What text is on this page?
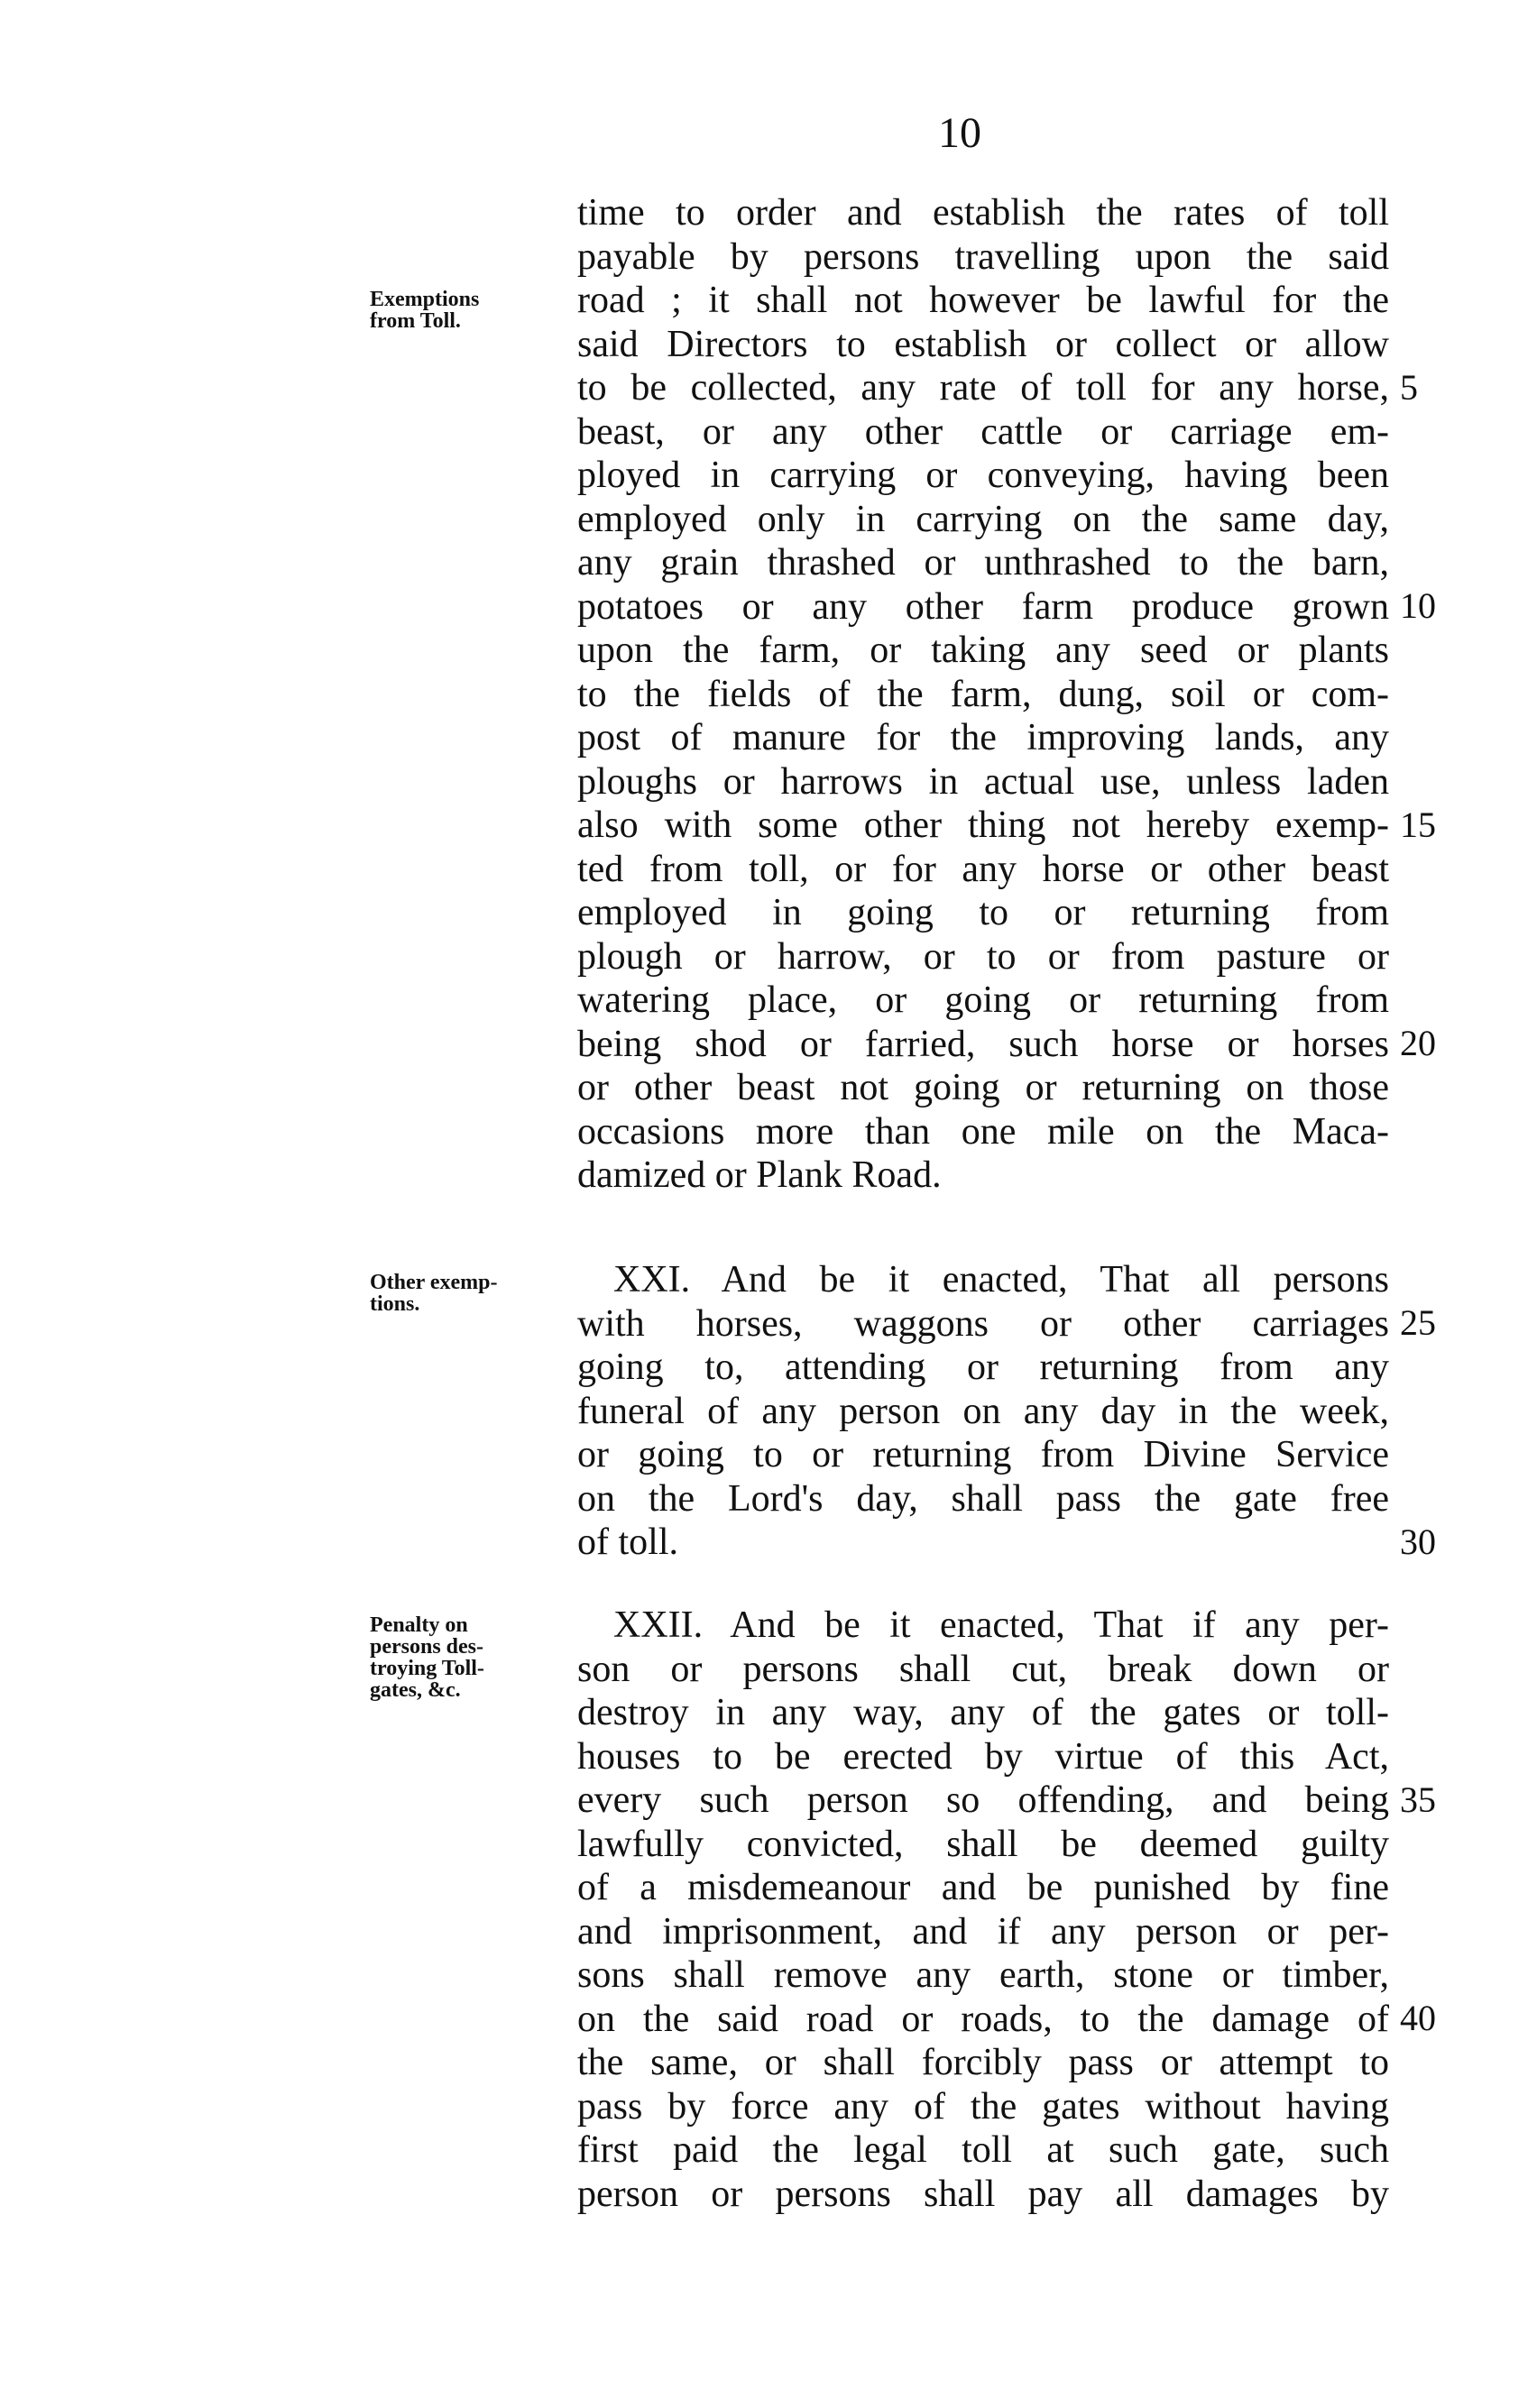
10
Exemptions
from Toll.
Other exemp-
tions.
Penalty on
persons des-
troying Toll-
gates, &c.
time to order and establish the rates of toll
payable by persons travelling upon the said
road ; it shall not however be lawful for the
said Directors to establish or collect or allow
to be collected, any rate of toll for any horse,
beast, or any other cattle or carriage em-
ployed in carrying or conveying, having been
employed only in carrying on the same day,
any grain thrashed or unthrashed to the barn,
potatoes or any other farm produce grown
upon the farm, or taking any seed or plants
to the fields of the farm, dung, soil or com-
post of manure for the improving lands, any
ploughs or harrows in actual use, unless laden
also with some other thing not hereby exemp-
ted from toll, or for any horse or other beast
employed in going to or returning from
plough or harrow, or to or from pasture or
watering place, or going or returning from
being shod or farried, such horse or horses
or other beast not going or returning on those
occasions more than one mile on the Maca-
damized or Plank Road.
XXI. And be it enacted, That all persons
with horses, waggons or other carriages
going to, attending or returning from any
funeral of any person on any day in the week,
or going to or returning from Divine Service
on the Lord's day, shall pass the gate free
of toll.
XXII. And be it enacted, That if any per-
son or persons shall cut, break down or
destroy in any way, any of the gates or toll-
houses to be erected by virtue of this Act,
every such person so offending, and being
lawfully convicted, shall be deemed guilty
of a misdemeanour and be punished by fine
and imprisonment, and if any person or per-
sons shall remove any earth, stone or timber,
on the said road or roads, to the damage of
the same, or shall forcibly pass or attempt to
pass by force any of the gates without having
first paid the legal toll at such gate, such
person or persons shall pay all damages by
5
10
15
20
25
30
35
40
